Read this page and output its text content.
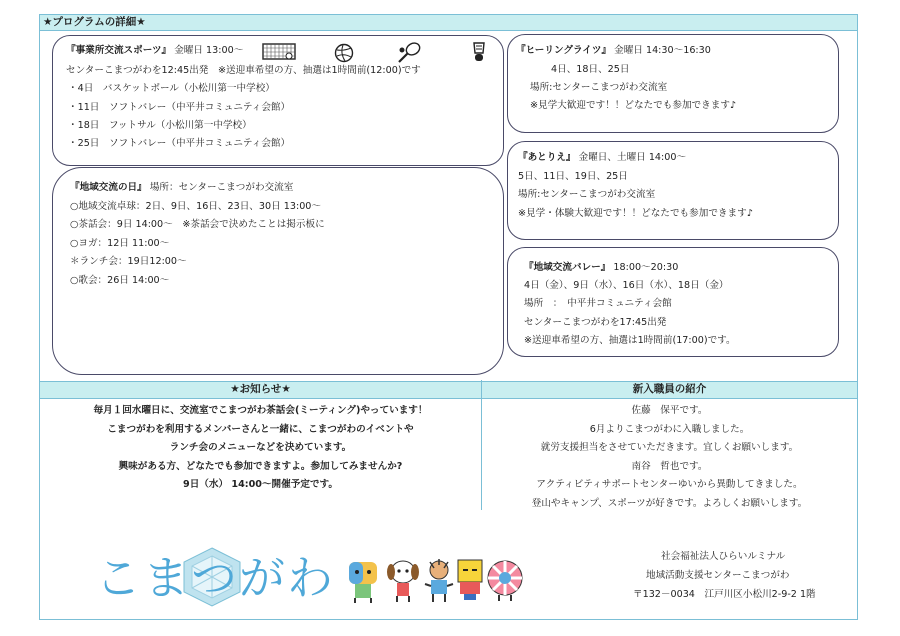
★プログラムの詳細★
『事業所交流スポーツ』 金曜日 13:00～
センターこまつがわを12:45出発　※送迎車希望の方、抽選は1時間前(12:00)です
・4日　バスケットボール（小松川第一中学校）
・11日　ソフトバレー（中平井コミュニティ会館）
・18日　フットサル（小松川第一中学校）
・25日　ソフトバレー（中平井コミュニティ会館）
『地域交流の日』 場所：センターこまつがわ交流室
○地域交流卓球：2日、9日、16日、23日、30日 13:00～
○茶話会：9日 14:00～　※茶話会で決めたことは掲示板に
○ヨガ：12日 11:00～
＊ランチ会：19日12:00～
○歌会：26日 14:00～
『ヒーリングライツ』 金曜日 14:30～16:30
4日、18日、25日
場所:センターこまつがわ交流室
※見学大歓迎です！！どなたでも参加できます♪
『あとりえ』 金曜日、土曜日 14:00～
5日、11日、19日、25日
場所:センターこまつがわ交流室
※見学・体験大歓迎です！！どなたでも参加できます♪
『地域交流バレー』 18:00～20:30
4日（金）、9日（水）、16日（水）、18日（金）
場所　：　中平井コミュニティ会館
センターこまつがわを17:45出発
※送迎車希望の方、抽選は1時間前(17:00)です。
★お知らせ★	新入職員の紹介
毎月１回水曜日に、交流室でこまつがわ茶話会(ミーティング)やっています！
こまつがわを利用するメンバーさんと一緒に、こまつがわのイベントや
ランチ会のメニューなどを決めています。
興味がある方、どなたでも参加できますよ。参加してみませんか?
9日（水） 14:00～開催予定です。
佐藤　保平です。
6月よりこまつがわに入職しました。
就労支援担当をさせていただきます。宜しくお願いします。
南谷　哲也です。
アクティビティサポートセンターゆいから異動してきました。
登山やキャンプ、スポーツが好きです。よろしくお願いします。
こまつがわ	社会福祉法人ひらいルミナル
地域活動支援センターこまつがわ
〒132－0034　江戸川区小松川2-9-2 1階
